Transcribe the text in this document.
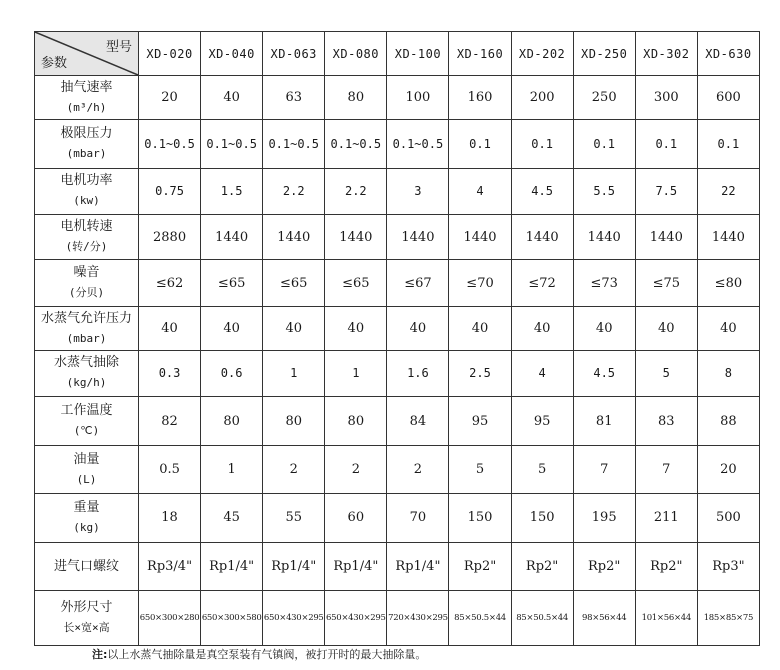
型号
参数	XD-020	XD-040	XD-063	XD-080	XD-100	XD-160	XD-202	XD-250	XD-302	XD-630
抽气速率
(m³/h)	20	40	63	80	100	160	200	250	300	600
极限压力
(mbar)	0.1~0.5	0.1~0.5	0.1~0.5	0.1~0.5	0.1~0.5	0.1	0.1	0.1	0.1	0.1
电机功率
(kw)	0.75	1.5	2.2	2.2	3	4	4.5	5.5	7.5	22
电机转速
(转/分)	2880	1440	1440	1440	1440	1440	1440	1440	1440	1440
噪音
(分贝)	≤62	≤65	≤65	≤65	≤67	≤70	≤72	≤73	≤75	≤80
水蒸气允许压力
(mbar)	40	40	40	40	40	40	40	40	40	40
水蒸气抽除
(kg/h)	0.3	0.6	1	1	1.6	2.5	4	4.5	5	8
工作温度
(℃)	82	80	80	80	84	95	95	81	83	88
油量
(L)	0.5	1	2	2	2	5	5	7	7	20
重量
(kg)	18	45	55	60	70	150	150	195	211	500
进气口螺纹	Rp3/4"	Rp1/4"	Rp1/4"	Rp1/4"	Rp1/4"	Rp2"	Rp2"	Rp2"	Rp2"	Rp3"
外形尺寸
长×宽×高	650×300×280	650×300×580	650×430×295	650×430×295	720×430×295	85×50.5×44	85×50.5×44	98×56×44	101×56×44	185×85×75
注:以上水蒸气抽除量是真空泵装有气镇阀，被打开时的最大抽除量。
